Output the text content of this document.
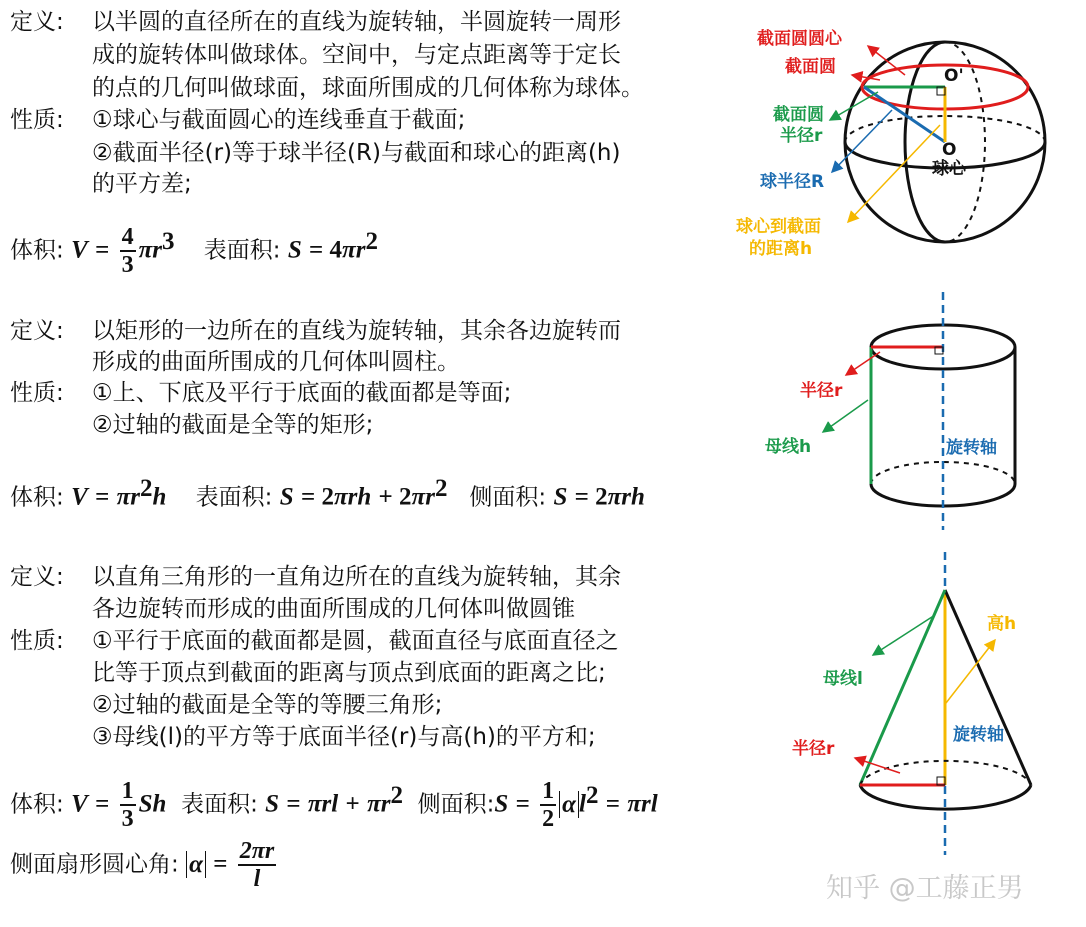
定义: 以半圆的直径所在的直线为旋转轴，半圆旋转一周形
成的旋转体叫做球体。空间中，与定点距离等于定长
的点的几何叫做球面，球面所围成的几何体称为球体。
性质: ①球心与截面圆心的连线垂直于截面;
②截面半径(r)等于球半径(R)与截面和球心的距离(h)
的平方差;
体积: $V = \frac{4}{3} \pi r^3$ 表面积: $S = 4\pi r^2$
定义: 以矩形的一边所在的直线为旋转轴，其余各边旋转而
形成的曲面所围成的几何体叫圆柱。
性质: ①上、下底及平行于底面的截面都是等面;
②过轴的截面是全等的矩形;
体积: $V = \pi r^2h$ 表面积: $S = 2\pi rh + 2\pi r^2$ 侧面积: S = 2πrh
定义: 以直角三角形的一直角边所在的直线为旋转轴，其余
各边旋转而形成的曲面所围成的几何体叫做圆锥
性质: ①平行于底面的截面都是圆，截面直径与底面直径之
比等于顶点到截面的距离与顶点到底面的距离之比;
②过轴的截面是全等的等腰三角形;
③母线(l)的平方等于底面半径(r)与高(h)的平方和;
体积: $V = \frac{1}{3}$ Sh 表面积: $S = \pi rl + \pi r^2$ 侧面积:S = $\frac{1}{2}$ α $l^2 = \pi rl$
侧面扇形圆心角: $\alpha = \frac{2\pi r}{l}$
截面圆圆心
截面圆
截面圆
半径r
球半径R
球心到截面
的距离h
O'
O
球心
半径r
母线h	旋转轴
高h
母线l
旋转轴
半径r
知乎 @工藤正男
